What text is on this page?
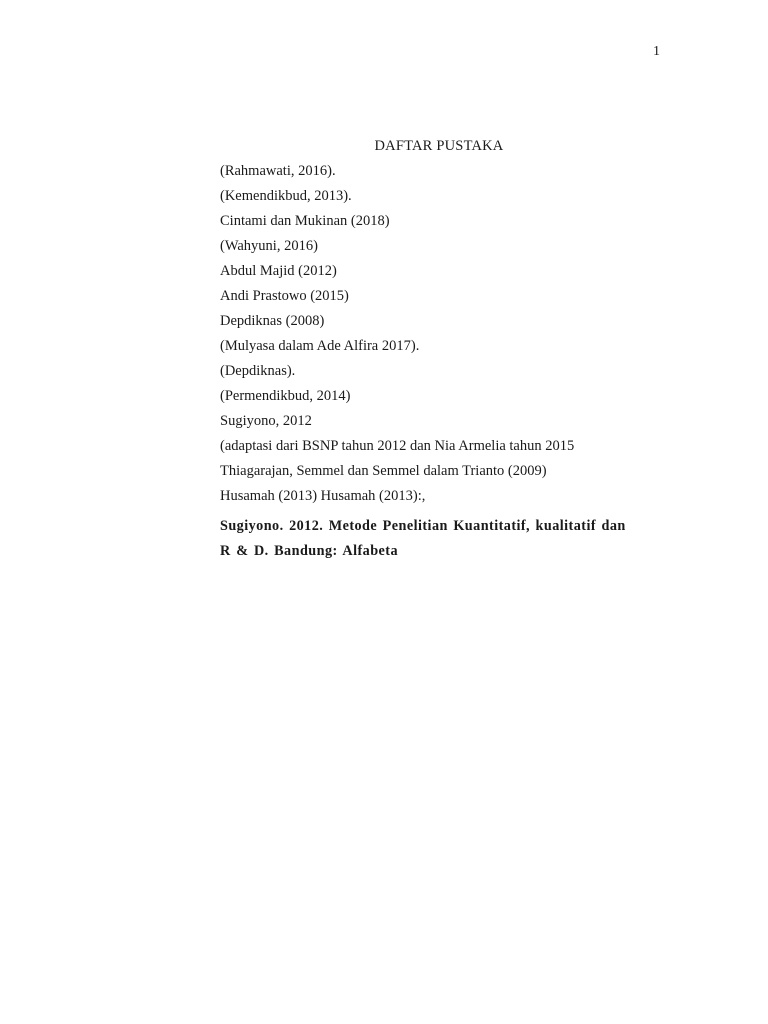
1
DAFTAR PUSTAKA
(Rahmawati, 2016).
(Kemendikbud, 2013).
Cintami dan Mukinan (2018)
(Wahyuni, 2016)
Abdul Majid (2012)
Andi Prastowo (2015)
Depdiknas (2008)
(Mulyasa dalam Ade Alfira 2017).
(Depdiknas).
(Permendikbud, 2014)
Sugiyono, 2012
(adaptasi dari BSNP tahun 2012 dan Nia Armelia tahun 2015
Thiagarajan, Semmel dan Semmel dalam Trianto (2009)
Husamah (2013) Husamah (2013):,
Sugiyono. 2012. Metode Penelitian Kuantitatif, kualitatif dan
R & D. Bandung: Alfabeta
